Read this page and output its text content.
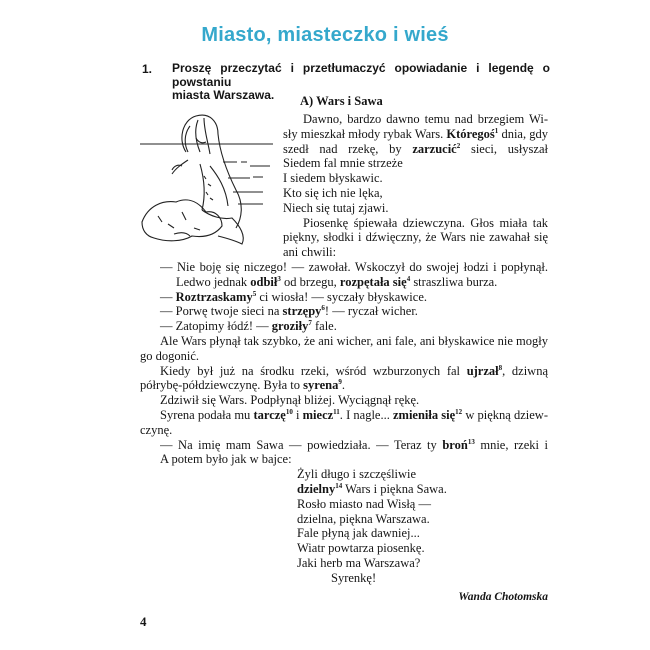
Miasto, miasteczko i wieś
1. Proszę przeczytać i przetłumaczyć opowiadanie i legendę o powstaniu
miasta Warszawa.	A) Wars i Sawa
Dawno, bardzo dawno temu nad brzegiem Wi-
sły mieszkał młody rybak Wars. Któregoś$^1$ dnia, gdy
szedł nad rzekę, by zarzucić$^2$ sieci, usłyszał
Siedem fal mnie strzeże
I siedem błyskawic.
Kto się ich nie lęka,
Niech się tutaj zjawi.
Piosenkę śpiewała dziewczyna. Głos miała tak
piękny, słodki i dźwięczny, że Wars nie zawahał się
ani chwili:
— Nie boję się niczego! — zawołał. Wskoczył do swojej łodzi i popłynął.
Ledwo jednak odbił$^3$ od brzegu, rozpętała się$^4$ straszliwa burza.
— Roztrzaskamy$^5$ ci wiosła! — syczały błyskawice.
— Porwę twoje sieci na strzępy$^6$! — ryczał wicher.
— Zatopimy łódź! — groziły$^7$ fale.
Ale Wars płynął tak szybko, że ani wicher, ani fale, ani błyskawice nie mogły
go dogonić.
Kiedy był już na środku rzeki, wśród wzburzonych fal ujrzał$^8$, dziwną
półrybę-półdziewczynę. Była to syrena$^9$.
Zdziwił się Wars. Podpłynął bliżej. Wyciągnął rękę.
Syrena podała mu tarczę$^{10}$ i miecz$^{11}$. I nagle... zmieniła się$^{12}$ w piękną dziew-
czynę.
— Na imię mam Sawa — powiedziała. — Teraz ty broń$^{13}$ mnie, rzeki i
A potem było jak w bajce:
Żyli długo i szczęśliwie
dzielny$^{14}$ Wars i piękna Sawa.
Rosło miasto nad Wisłą —
dzielna, piękna Warszawa.
Fale płyną jak dawniej...
Wiatr powtarza piosenkę.
Jaki herb ma Warszawa?
Syrenkę!
Wanda Chotomska
4
